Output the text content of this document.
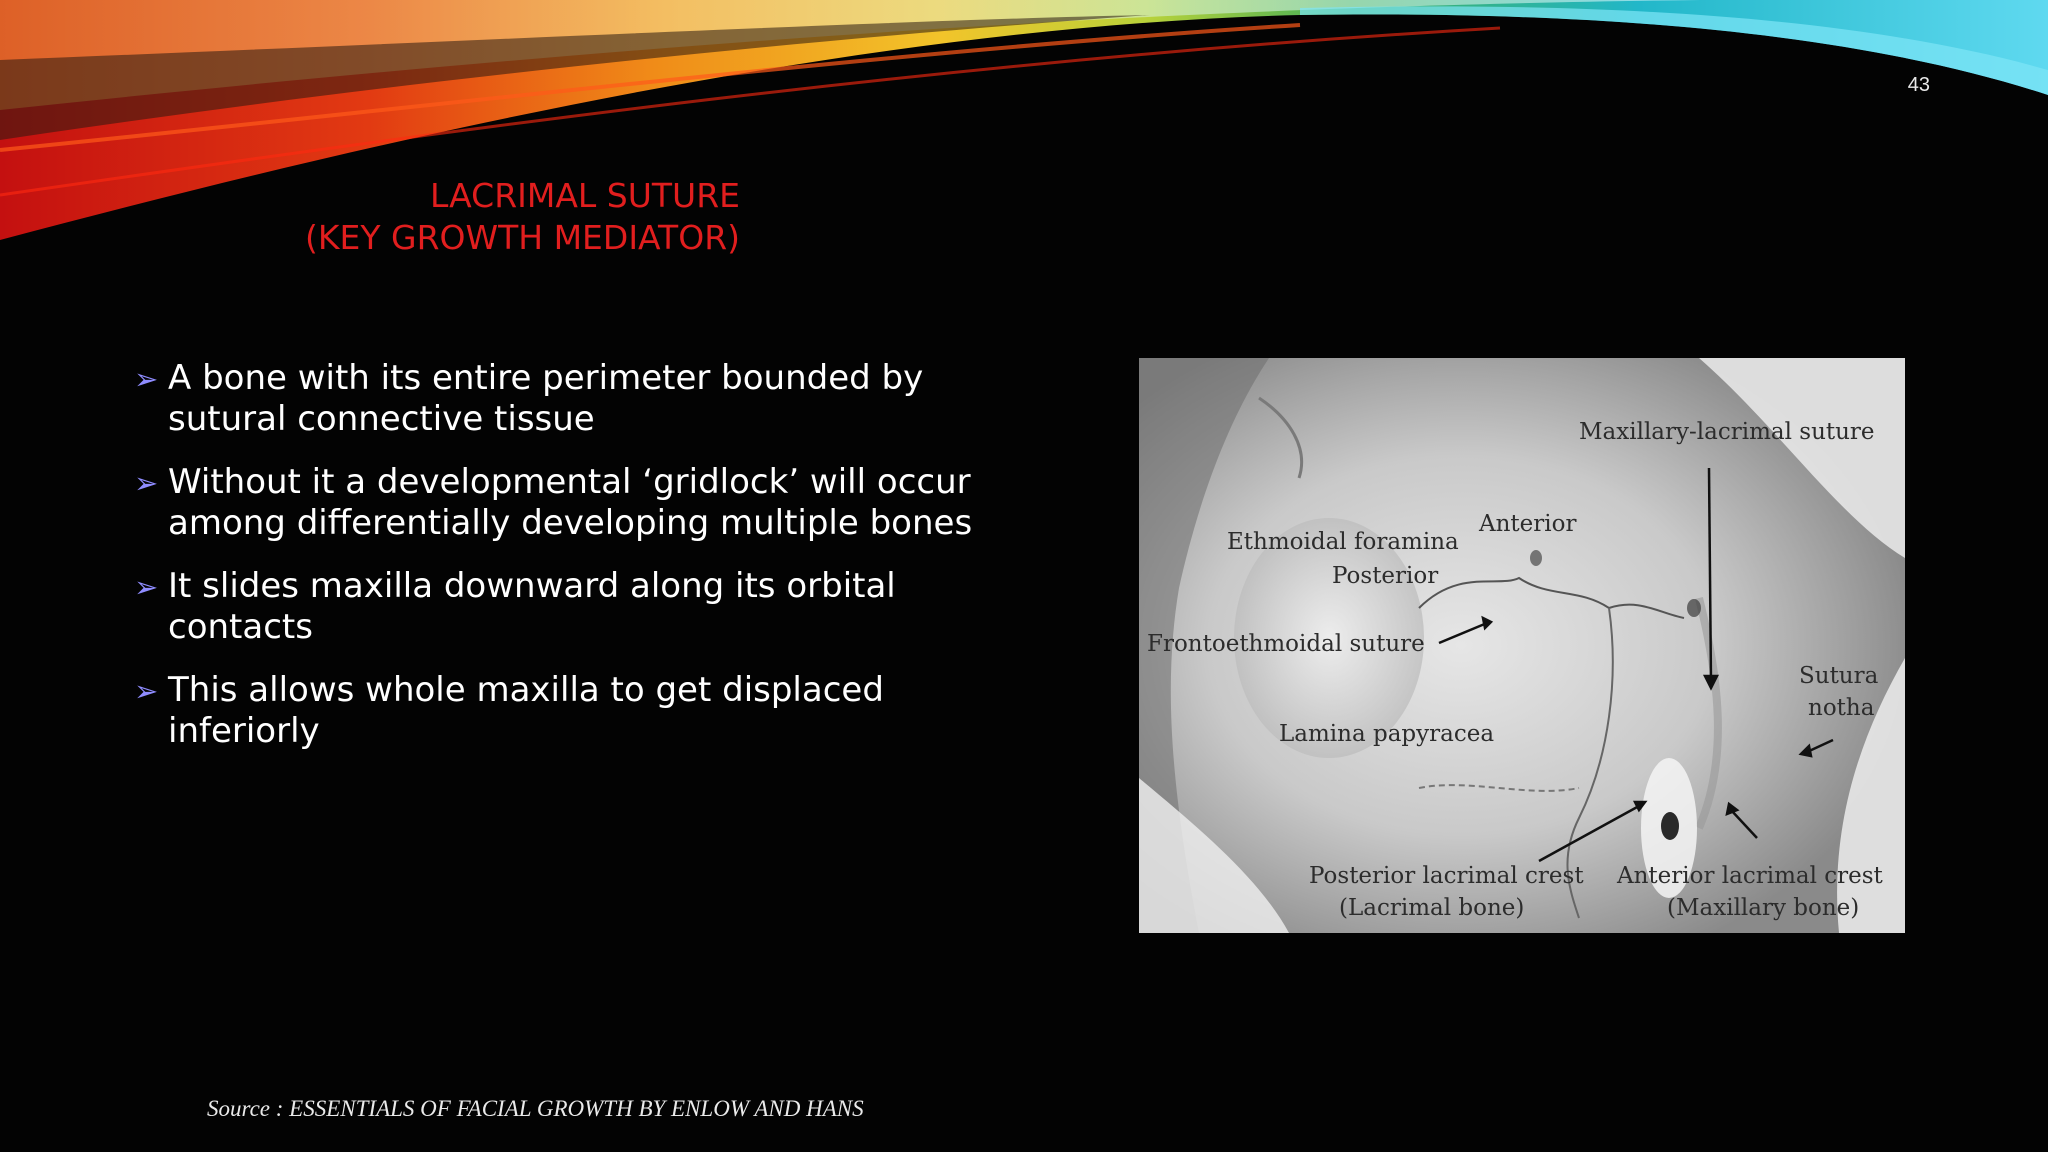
43
LACRIMAL SUTURE
(KEY GROWTH MEDIATOR)
➢ A bone with its entire perimeter bounded by sutural connective tissue
➢ Without it a developmental ‘gridlock’ will occur among differentially developing multiple bones
➢ It slides maxilla downward along its orbital contacts
➢ This allows whole maxilla to get displaced inferiorly
Maxillary-lacrimal suture
Anterior
Ethmoidal foramina
Posterior
Frontoethmoidal suture
Sutura
notha
Lamina papyracea
Posterior lacrimal crest
(Lacrimal bone)
Anterior lacrimal crest
(Maxillary bone)
Source : ESSENTIALS OF FACIAL GROWTH BY ENLOW AND HANS
